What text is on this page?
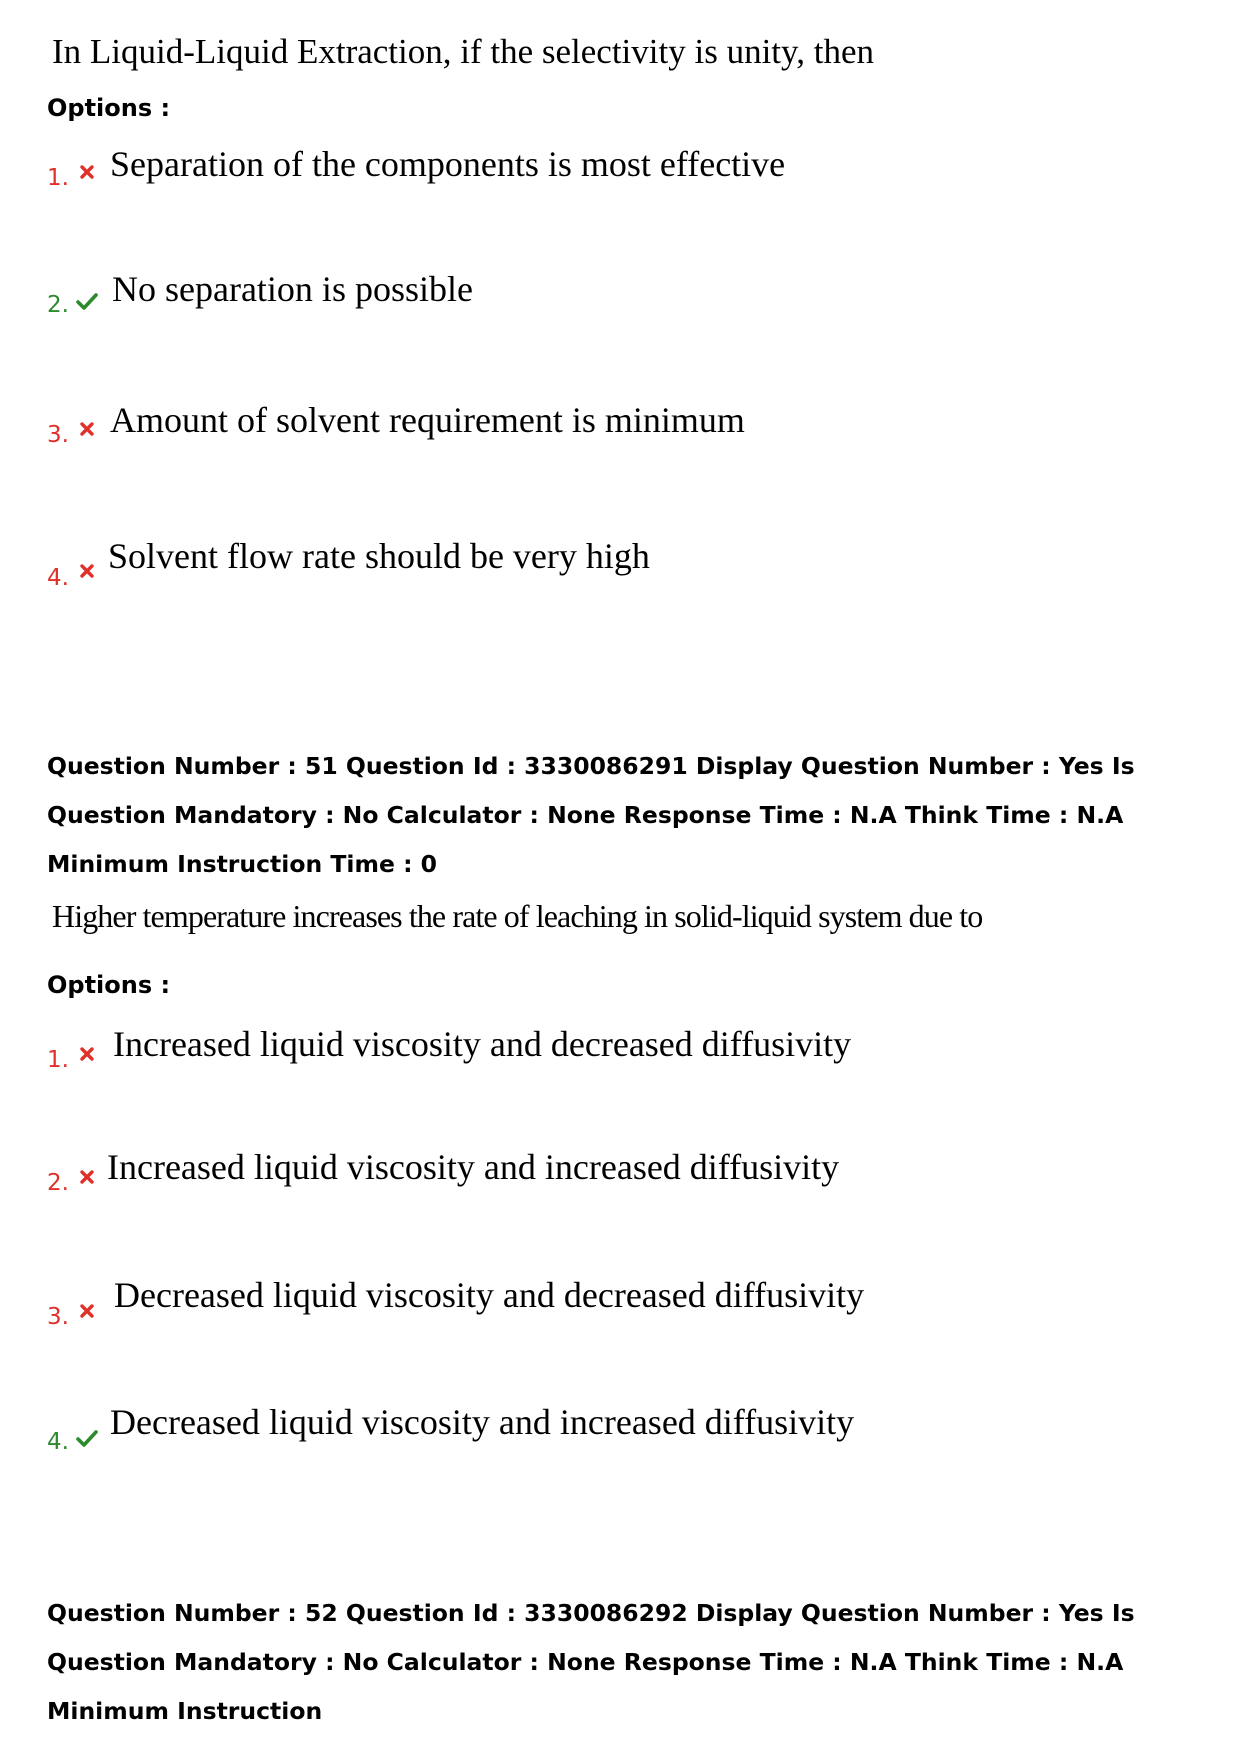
In Liquid-Liquid Extraction, if the selectivity is unity, then
Options :
1. Separation of the components is most effective
2. No separation is possible
3. Amount of solvent requirement is minimum
4.
Solvent flow rate should be very high
Question Number : 51 Question Id : 3330086291 Display Question Number : Yes Is Question Mandatory : No Calculator : None Response Time : N.A Think Time : N.A Minimum Instruction Time : 0
Higher temperature increases the rate of leaching in solid-liquid system due to
Options :
1. Increased liquid viscosity and decreased diffusivity
2. Increased liquid viscosity and increased diffusivity
3.
Decreased liquid viscosity and decreased diffusivity
4. Decreased liquid viscosity and increased diffusivity
Question Number : 52 Question Id : 3330086292 Display Question Number : Yes Is Question Mandatory : No Calculator : None Response Time : N.A Think Time : N.A Minimum Instruction
